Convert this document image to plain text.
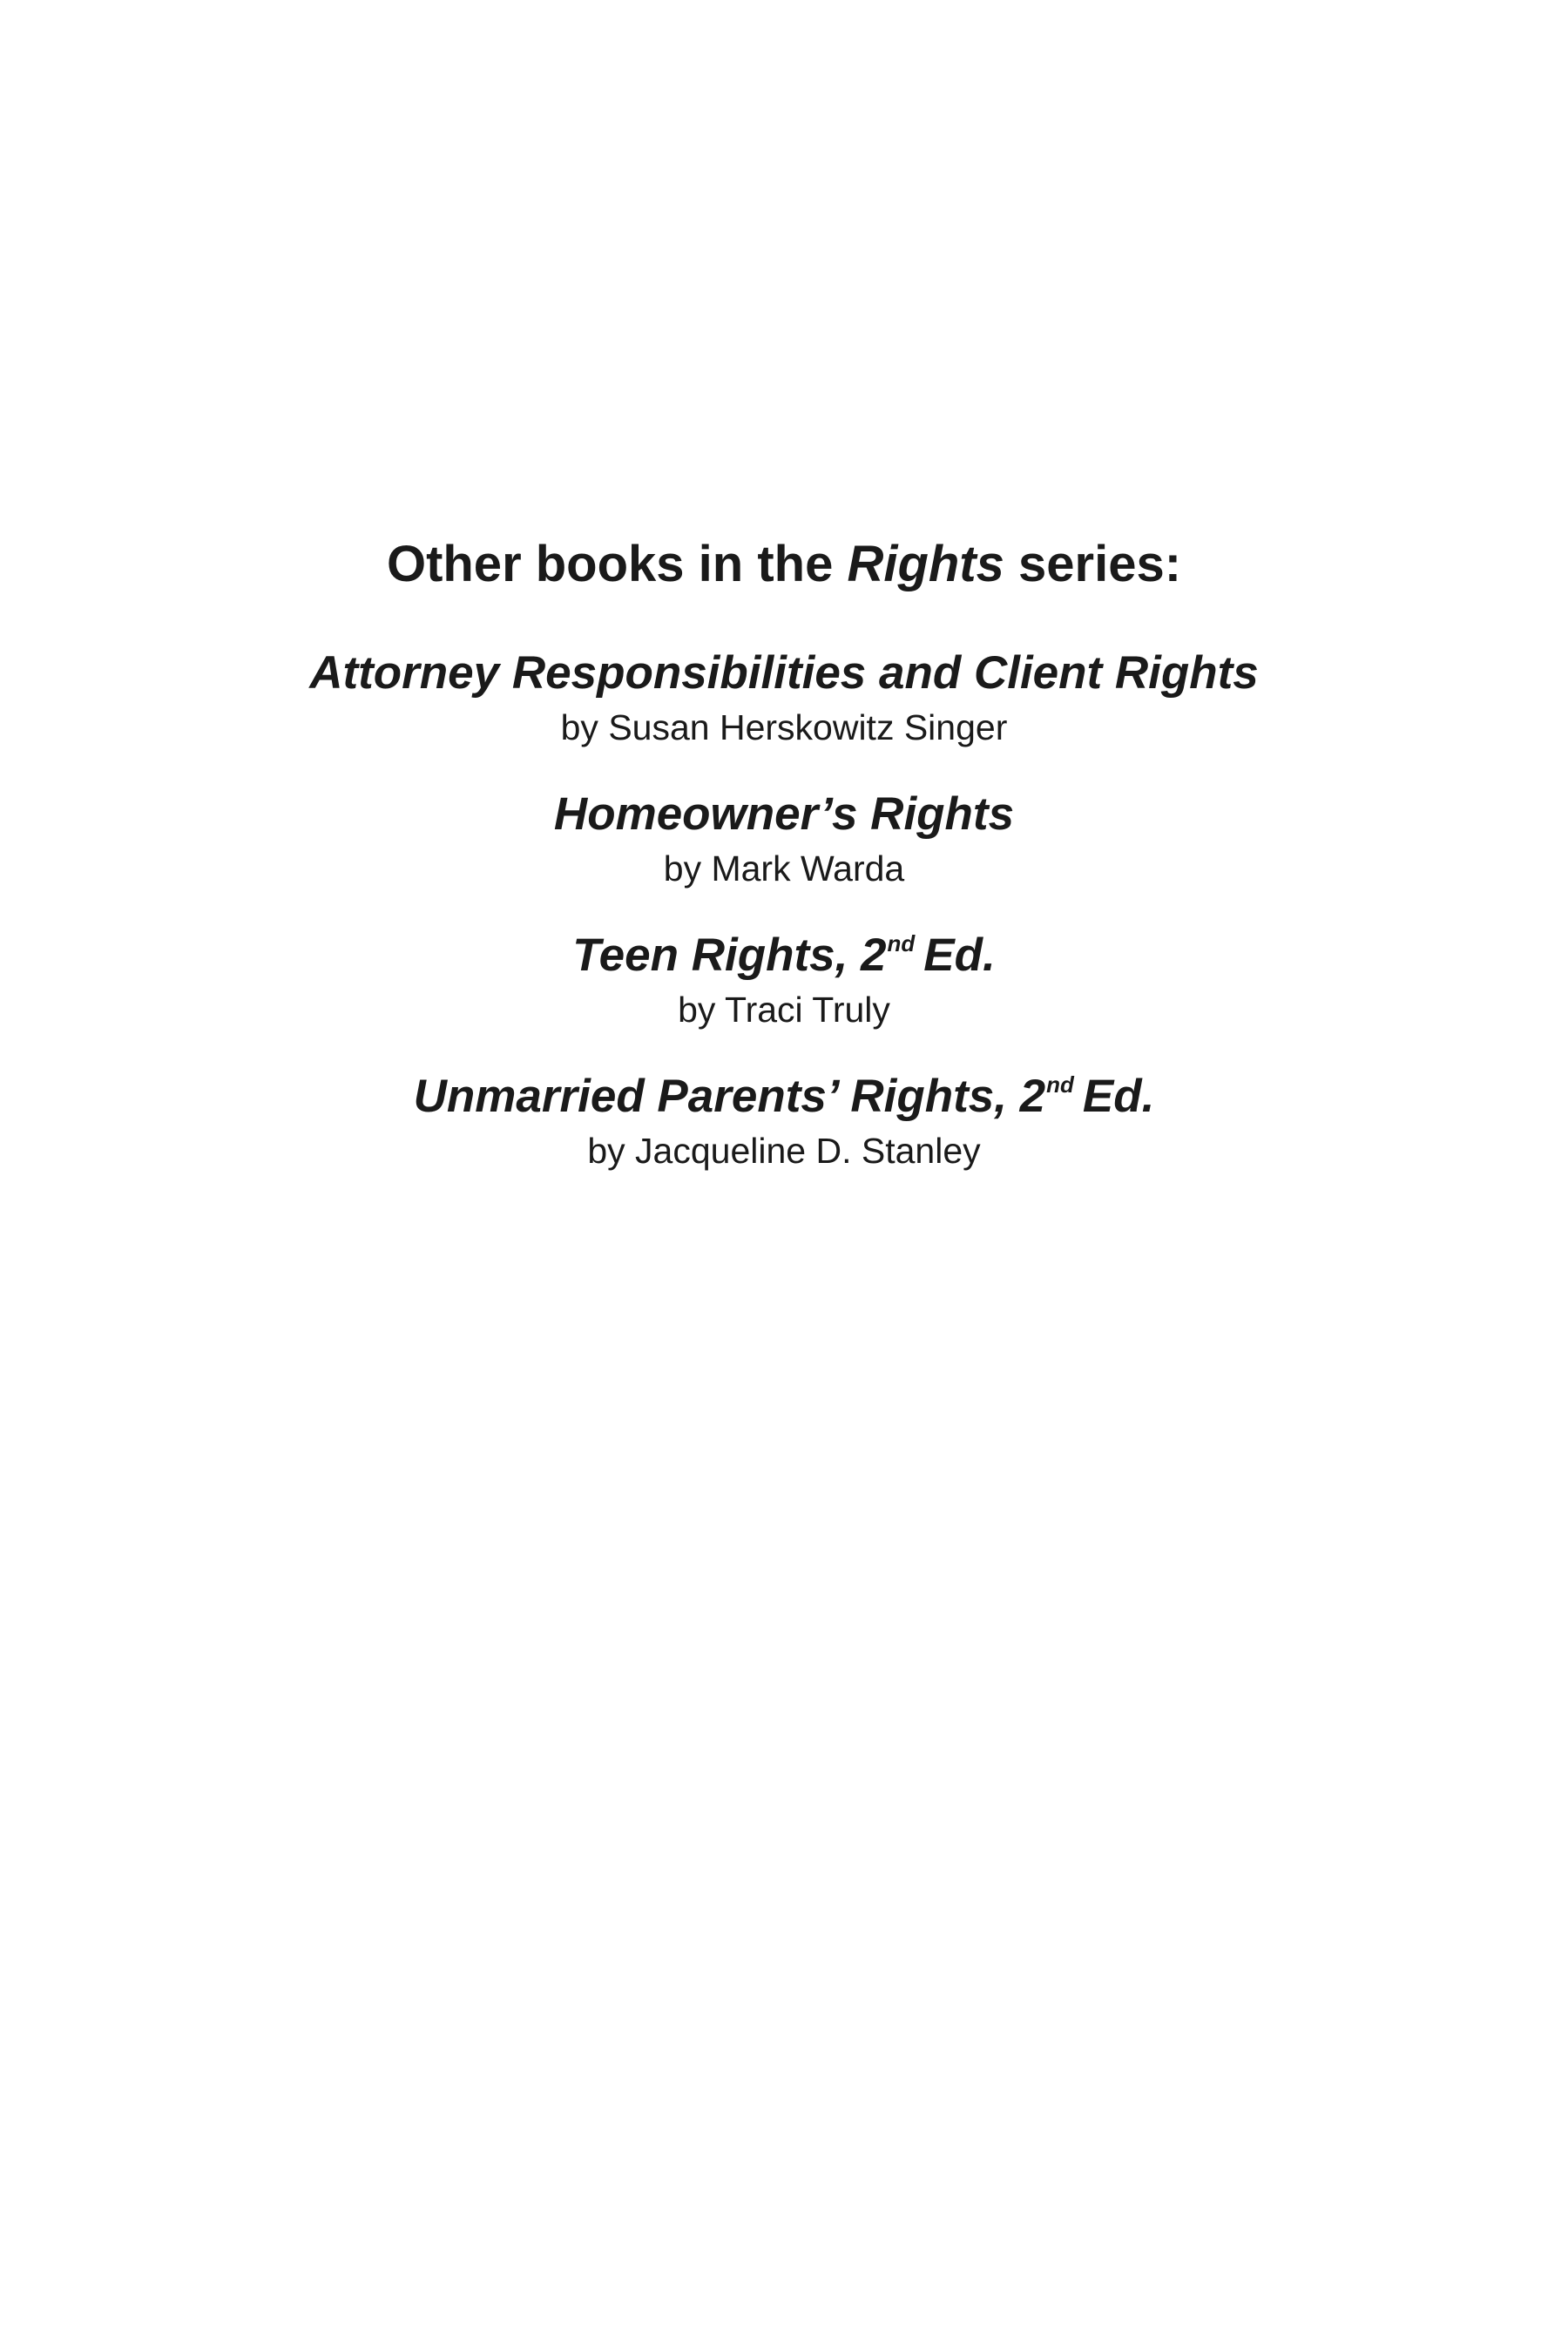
Other books in the Rights series:

Attorney Responsibilities and Client Rights

by Susan Herskowitz Singer

Homeowner’s Rights

by Mark Warda

Teen Rights, 2nd Ed.

by Traci Truly

Unmarried Parents’ Rights, 2nd Ed.

by Jacqueline D. Stanley
